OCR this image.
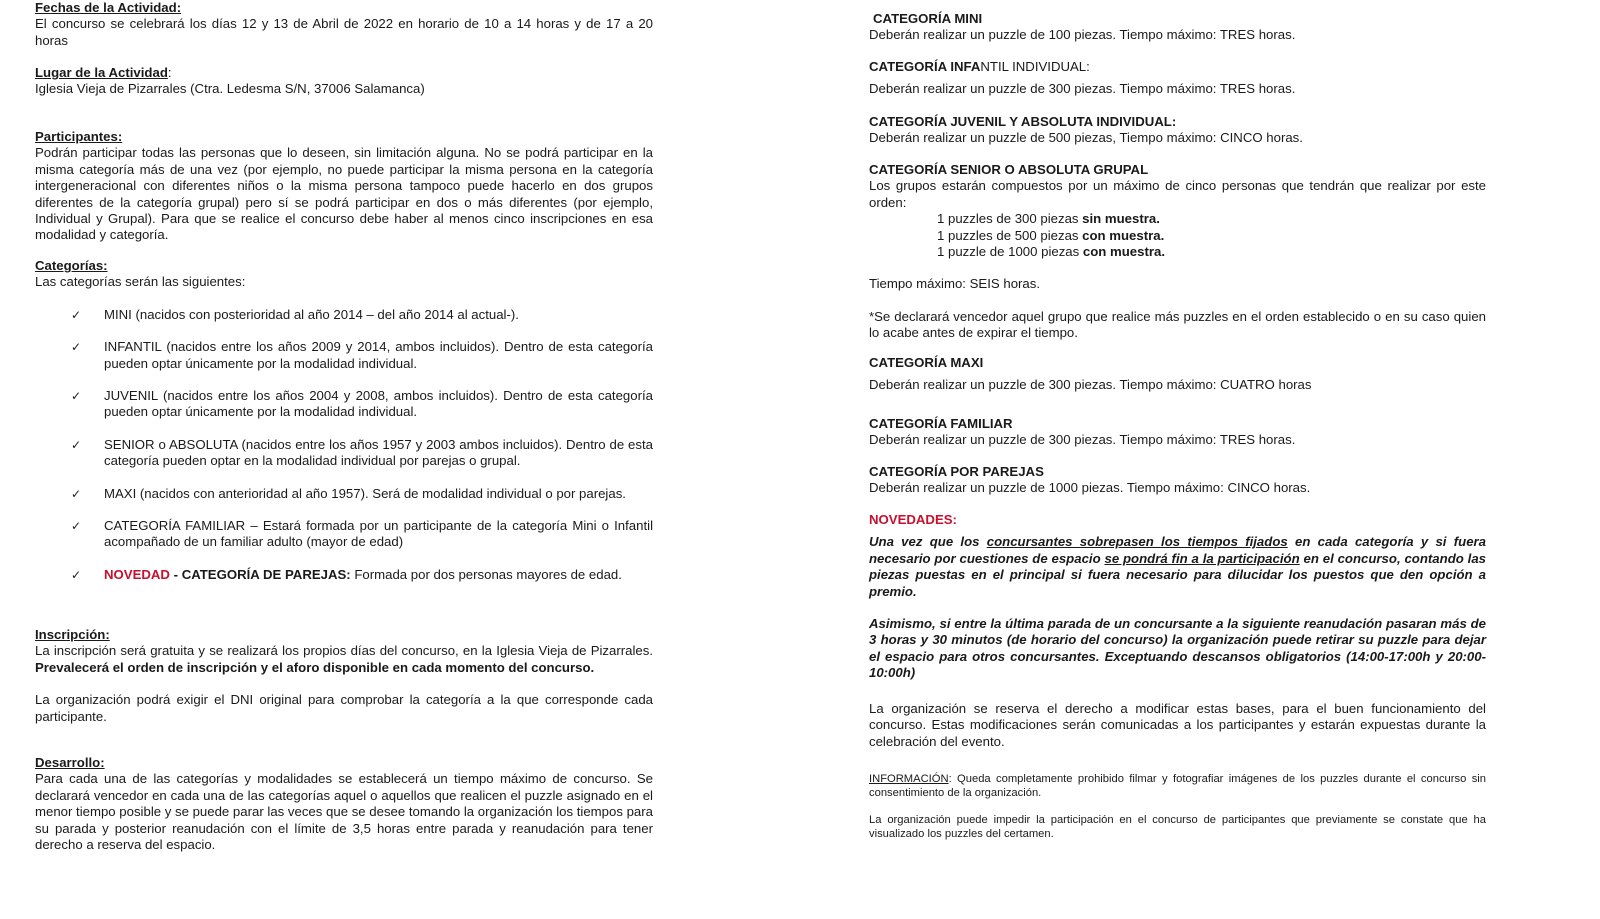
Fechas de la Actividad:

El concurso se celebrará los días 12 y 13 de Abril de 2022 en horario de 10 a 14 horas y de 17 a 20 horas

Lugar de la Actividad:

Iglesia Vieja de Pizarrales (Ctra. Ledesma S/N, 37006 Salamanca)

Participantes:

Podrán participar todas las personas que lo deseen, sin limitación alguna. No se podrá participar en la misma categoría más de una vez (por ejemplo, no puede participar la misma persona en la categoría intergeneracional con diferentes niños o la misma persona tampoco puede hacerlo en dos grupos diferentes de la categoría grupal) pero sí se podrá participar en dos o más diferentes (por ejemplo, Individual y Grupal). Para que se realice el concurso debe haber al menos cinco inscripciones en esa modalidad y categoría.

Categorías:

Las categorías serán las siguientes:

✓ MINI (nacidos con posterioridad al año 2014 – del año 2014 al actual-).
✓ INFANTIL (nacidos entre los años 2009 y 2014, ambos incluidos). Dentro de esta categoría pueden optar únicamente por la modalidad individual.
✓ JUVENIL (nacidos entre los años 2004 y 2008, ambos incluidos). Dentro de esta categoría pueden optar únicamente por la modalidad individual.
✓ SENIOR o ABSOLUTA (nacidos entre los años 1957 y 2003 ambos incluidos). Dentro de esta categoría pueden optar en la modalidad individual por parejas o grupal.
✓ MAXI (nacidos con anterioridad al año 1957). Será de modalidad individual o por parejas.
✓ CATEGORÍA FAMILIAR – Estará formada por un participante de la categoría Mini o Infantil acompañado de un familiar adulto (mayor de edad)
✓ NOVEDAD - CATEGORÍA DE PAREJAS: Formada por dos personas mayores de edad.

Inscripción:

La inscripción será gratuita y se realizará los propios días del concurso, en la Iglesia Vieja de Pizarrales. Prevalecerá el orden de inscripción y el aforo disponible en cada momento del concurso.

La organización podrá exigir el DNI original para comprobar la categoría a la que corresponde cada participante.

Desarrollo:

Para cada una de las categorías y modalidades se establecerá un tiempo máximo de concurso. Se declarará vencedor en cada una de las categorías aquel o aquellos que realicen el puzzle asignado en el menor tiempo posible y se puede parar las veces que se desee tomando la organización los tiempos para su parada y posterior reanudación con el límite de 3,5 horas entre parada y reanudación para tener derecho a reserva del espacio.

CATEGORÍA MINI

Deberán realizar un puzzle de 100 piezas. Tiempo máximo: TRES horas.

CATEGORÍA INFANTIL INDIVIDUAL:

Deberán realizar un puzzle de 300 piezas. Tiempo máximo: TRES horas.

CATEGORÍA JUVENIL Y ABSOLUTA INDIVIDUAL:

Deberán realizar un puzzle de 500 piezas, Tiempo máximo: CINCO horas.

CATEGORÍA SENIOR O ABSOLUTA GRUPAL

Los grupos estarán compuestos por un máximo de cinco personas que tendrán que realizar por este orden:

1 puzzles de 300 piezas sin muestra.

1 puzzles de 500 piezas con muestra.

1 puzzle de 1000 piezas con muestra.

Tiempo máximo: SEIS horas.

*Se declarará vencedor aquel grupo que realice más puzzles en el orden establecido o en su caso quien lo acabe antes de expirar el tiempo.

CATEGORÍA MAXI

Deberán realizar un puzzle de 300 piezas. Tiempo máximo: CUATRO horas

CATEGORÍA FAMILIAR

Deberán realizar un puzzle de 300 piezas. Tiempo máximo: TRES horas.

CATEGORÍA POR PAREJAS

Deberán realizar un puzzle de 1000 piezas. Tiempo máximo: CINCO horas.

NOVEDADES:

Una vez que los concursantes sobrepasen los tiempos fijados en cada categoría y si fuera necesario por cuestiones de espacio se pondrá fin a la participación en el concurso, contando las piezas puestas en el principal si fuera necesario para dilucidar los puestos que den opción a premio.

Asimismo, si entre la última parada de un concursante a la siguiente reanudación pasaran más de 3 horas y 30 minutos (de horario del concurso) la organización puede retirar su puzzle para dejar el espacio para otros concursantes. Exceptuando descansos obligatorios (14:00-17:00h y 20:00-10:00h)

La organización se reserva el derecho a modificar estas bases, para el buen funcionamiento del concurso. Estas modificaciones serán comunicadas a los participantes y estarán expuestas durante la celebración del evento.

INFORMACIÓN: Queda completamente prohibido filmar y fotografiar imágenes de los puzzles durante el concurso sin consentimiento de la organización.

La organización puede impedir la participación en el concurso de participantes que previamente se constate que ha visualizado los puzzles del certamen.
